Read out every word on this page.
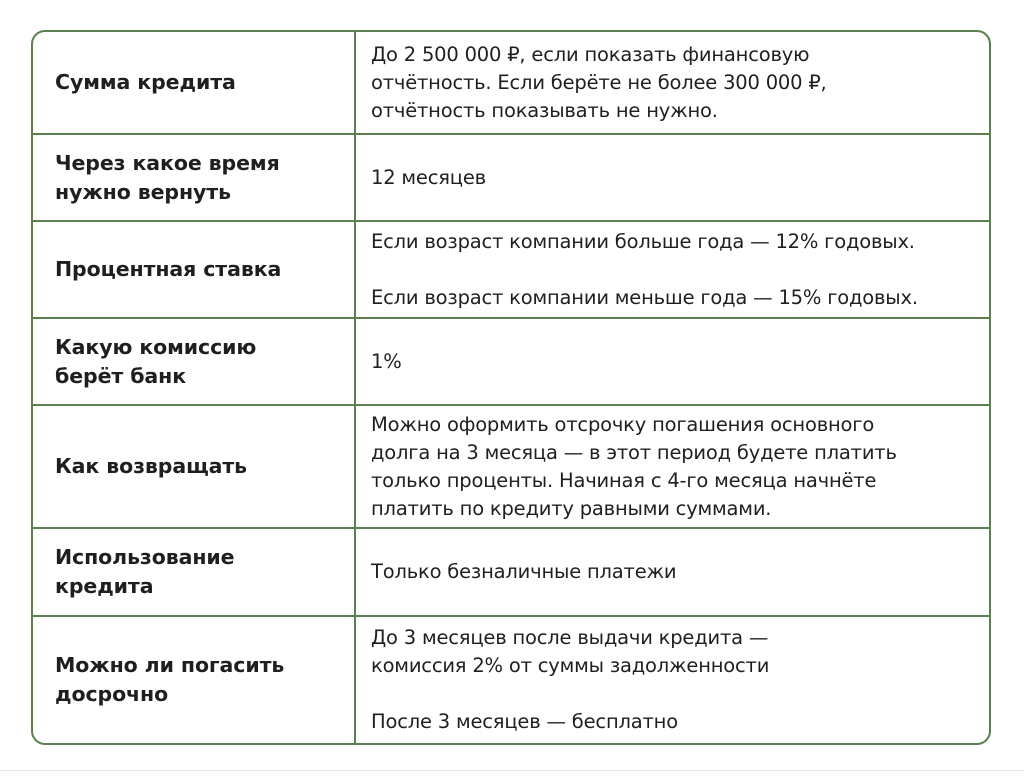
Сумма кредита
До 2 500 000 ₽, если показать финансовую
отчётность. Если берёте не более 300 000 ₽,
отчётность показывать не нужно.
Через какое время
нужно вернуть
12 месяцев
Процентная ставка
Если возраст компании больше года — 12% годовых.

Если возраст компании меньше года — 15% годовых.
Какую комиссию
берёт банк
1%
Как возвращать
Можно оформить отсрочку погашения основного
долга на 3 месяца — в этот период будете платить
только проценты. Начиная с 4-го месяца начнёте
платить по кредиту равными суммами.
Использование
кредита
Только безналичные платежи
Можно ли погасить
досрочно
До 3 месяцев после выдачи кредита —
комиссия 2% от суммы задолженности

После 3 месяцев — бесплатно
